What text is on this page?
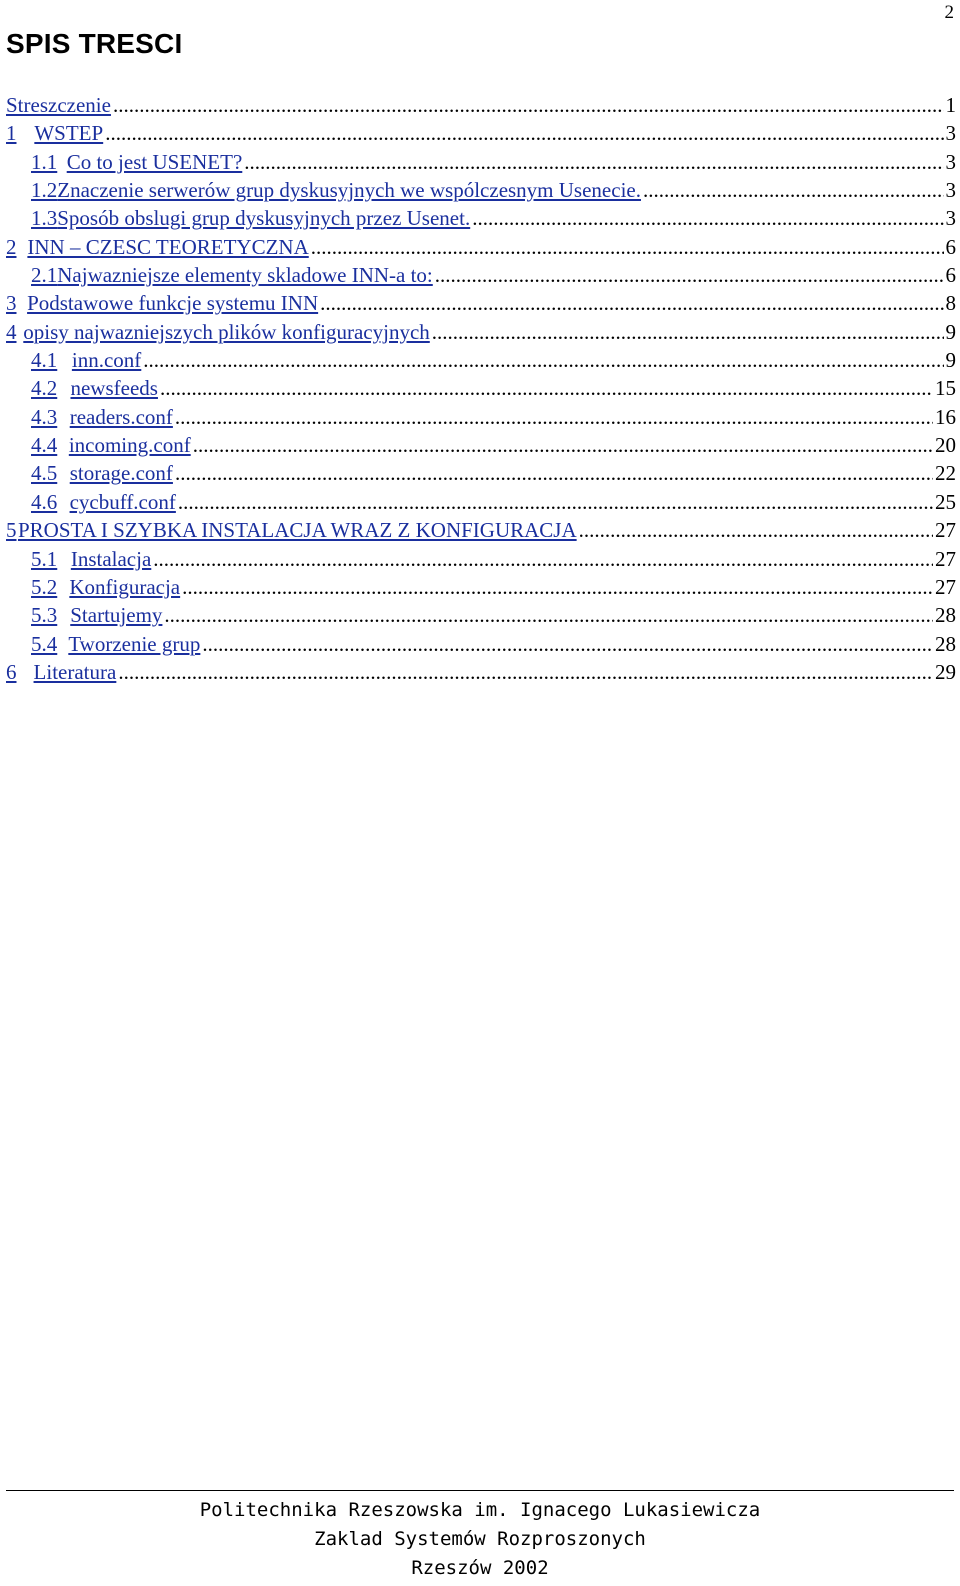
2
SPIS TRESCI
Streszczenie .....	1
1 WSTEP .....	3
1.1 Co to jest USENET? .....	3
1.2 Znaczenie serwerów grup dyskusyjnych we wspólczesnym Usenecie. .....	3
1.3 Sposób obslugi grup dyskusyjnych przez Usenet. .....	3
2 INN – CZESC TEORETYCZNA .....	6
2.1 Najwazniejsze elementy skladowe INN-a to: .....	6
3 Podstawowe funkcje systemu INN .....	8
4 opisy najwazniejszych plików konfiguracyjnych .....	9
4.1 inn.conf .....	9
4.2 newsfeeds .....	15
4.3 readers.conf .....	16
4.4 incoming.conf .....	20
4.5 storage.conf .....	22
4.6 cycbuff.conf .....	25
5 PROSTA I SZYBKA INSTALACJA WRAZ Z KONFIGURACJA .....	27
5.1 Instalacja .....	27
5.2 Konfiguracja .....	27
5.3 Startujemy .....	28
5.4 Tworzenie grup .....	28
6 Literatura .....	29
Politechnika Rzeszowska im. Ignacego Lukasiewicza
Zaklad Systemów Rozproszonych
Rzeszów 2002
